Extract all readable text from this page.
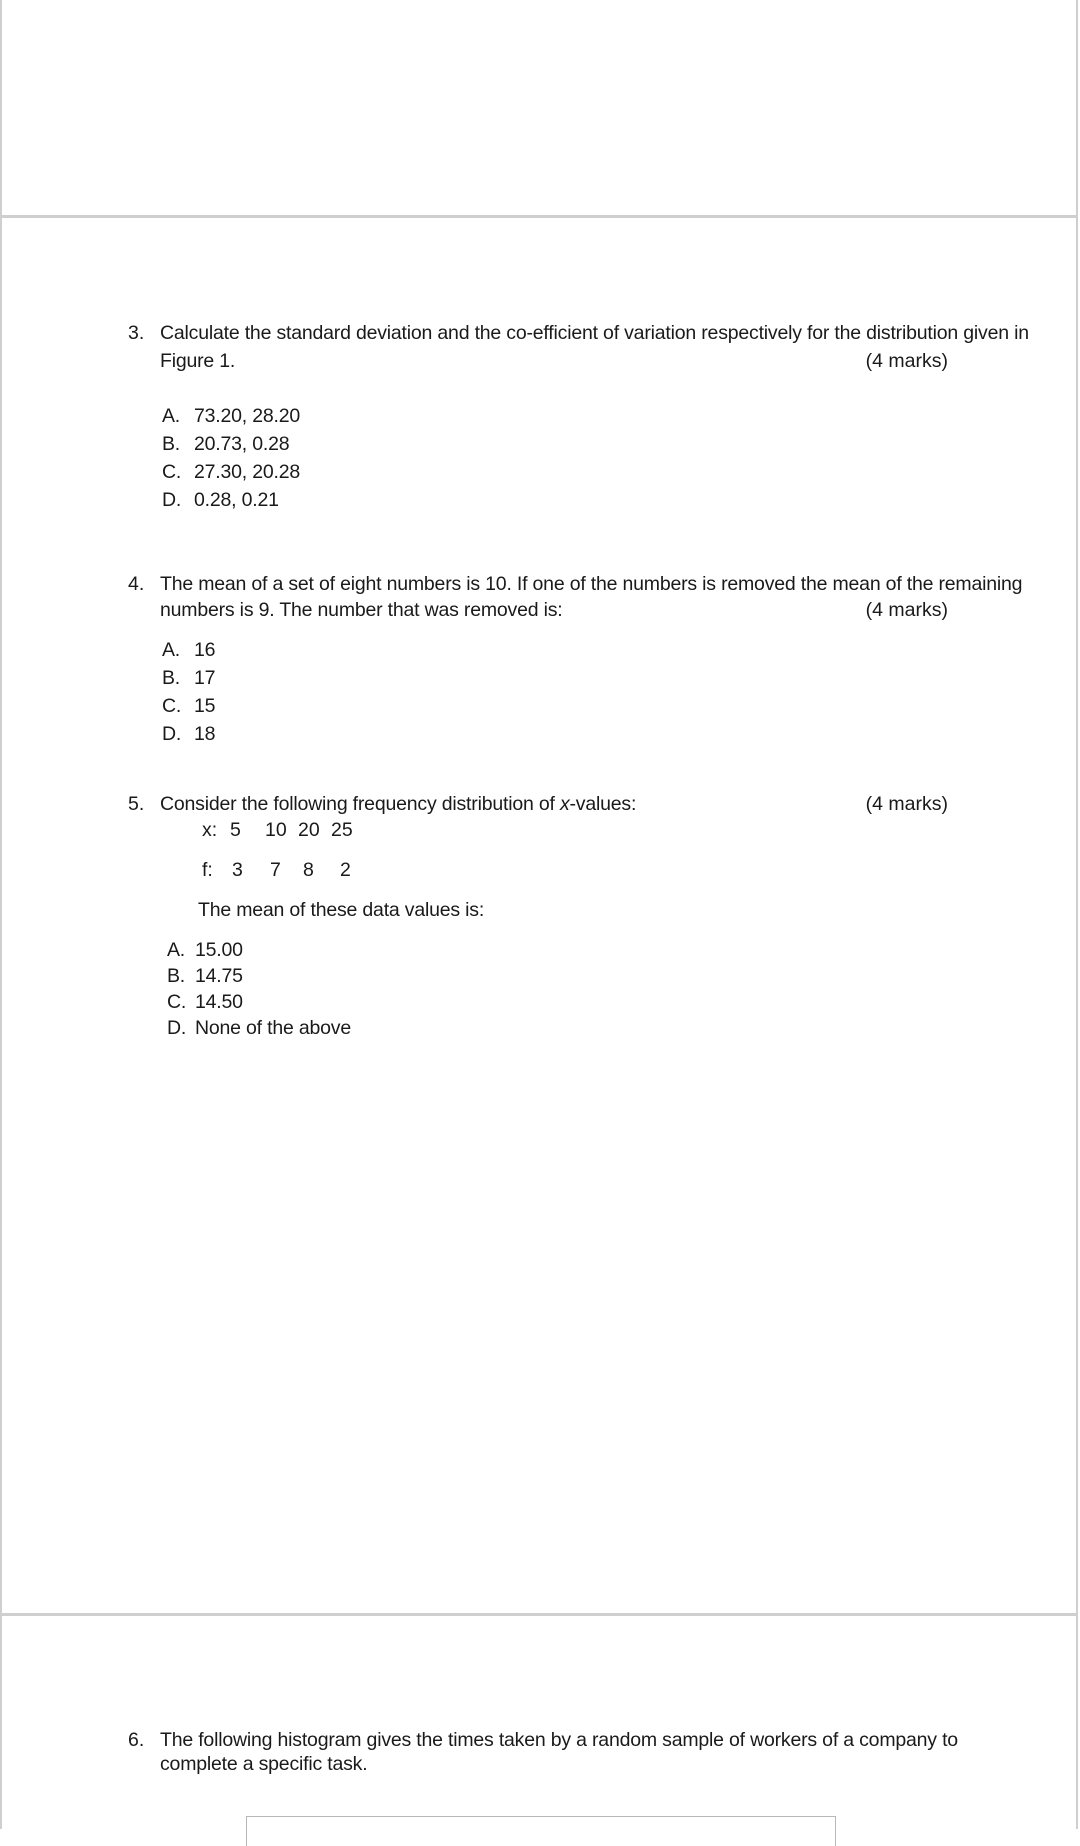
3. Calculate the standard deviation and the co-efficient of variation respectively for the distribution given in
Figure 1.	(4 marks)
A. 73.20, 28.20
B. 20.73, 0.28
C. 27.30, 20.28
D. 0.28, 0.21
4. The mean of a set of eight numbers is 10. If one of the numbers is removed the mean of the remaining
numbers is 9. The number that was removed is:	(4 marks)
A. 16
B. 17
C. 15
D. 18
5. Consider the following frequency distribution of x-values:	(4 marks)
x: 5 10 20 25
f: 3 7 8 2
The mean of these data values is:
A. 15.00
B. 14.75
C. 14.50
D. None of the above
6. The following histogram gives the times taken by a random sample of workers of a company to
complete a specific task.
